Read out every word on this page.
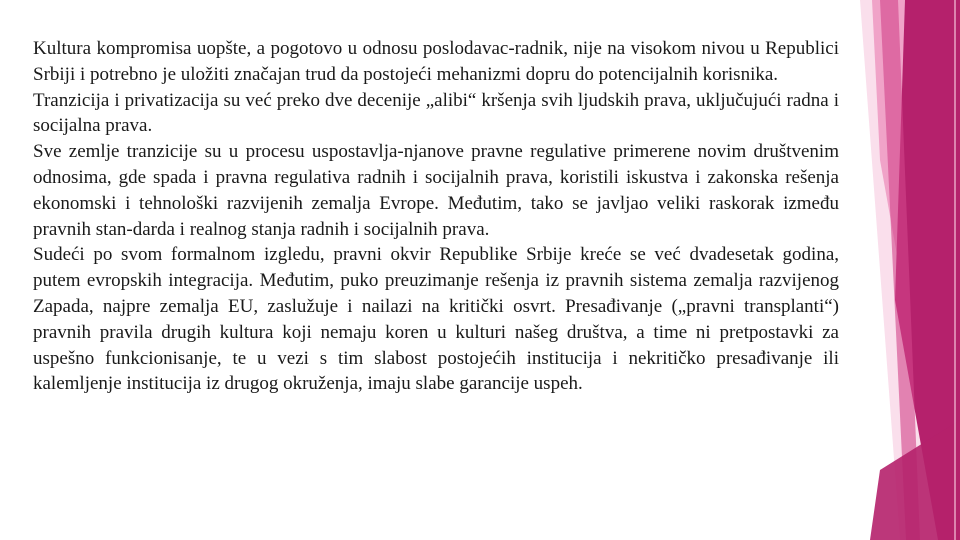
Kultura kompromisa uopšte, a pogotovo u odnosu poslodavac-radnik, nije na visokom nivou u Republici Srbiji i potrebno je uložiti značajan trud da postojeći mehanizmi dopru do potencijalnih korisnika.

Tranzicija i privatizacija su već preko dve decenije „alibi“ kršenja svih ljudskih prava, uključujući radna i socijalna prava.

Sve zemlje tranzicije su u procesu uspostavlja-njanove pravne regulative primerene novim društvenim odnosima, gde spada i pravna regulativa radnih i socijalnih prava, koristili iskustva i zakonska rešenja ekonomski i tehnološki razvijenih zemalja Evrope. Međutim, tako se javljao veliki raskorak između pravnih stan-darda i realnog stanja radnih i socijalnih prava.

Sudeći po svom formalnom izgledu, pravni okvir Republike Srbije kreće se već dvadesetak godina, putem evropskih integracija. Međutim, puko preuzimanje rešenja iz pravnih sistema zemalja razvijenog Zapada, najpre zemalja EU, zaslužuje i nailazi na kritički osvrt. Presađivanje („pravni transplanti“) pravnih pravila drugih kultura koji nemaju koren u kulturi našeg društva, a time ni pretpostavki za uspešno funkcionisanje, te u vezi s tim slabost postojećih institucija i nekritičko presađivanje ili kalemljenje institucija iz drugog okruženja, imaju slabe garancije uspeh.
